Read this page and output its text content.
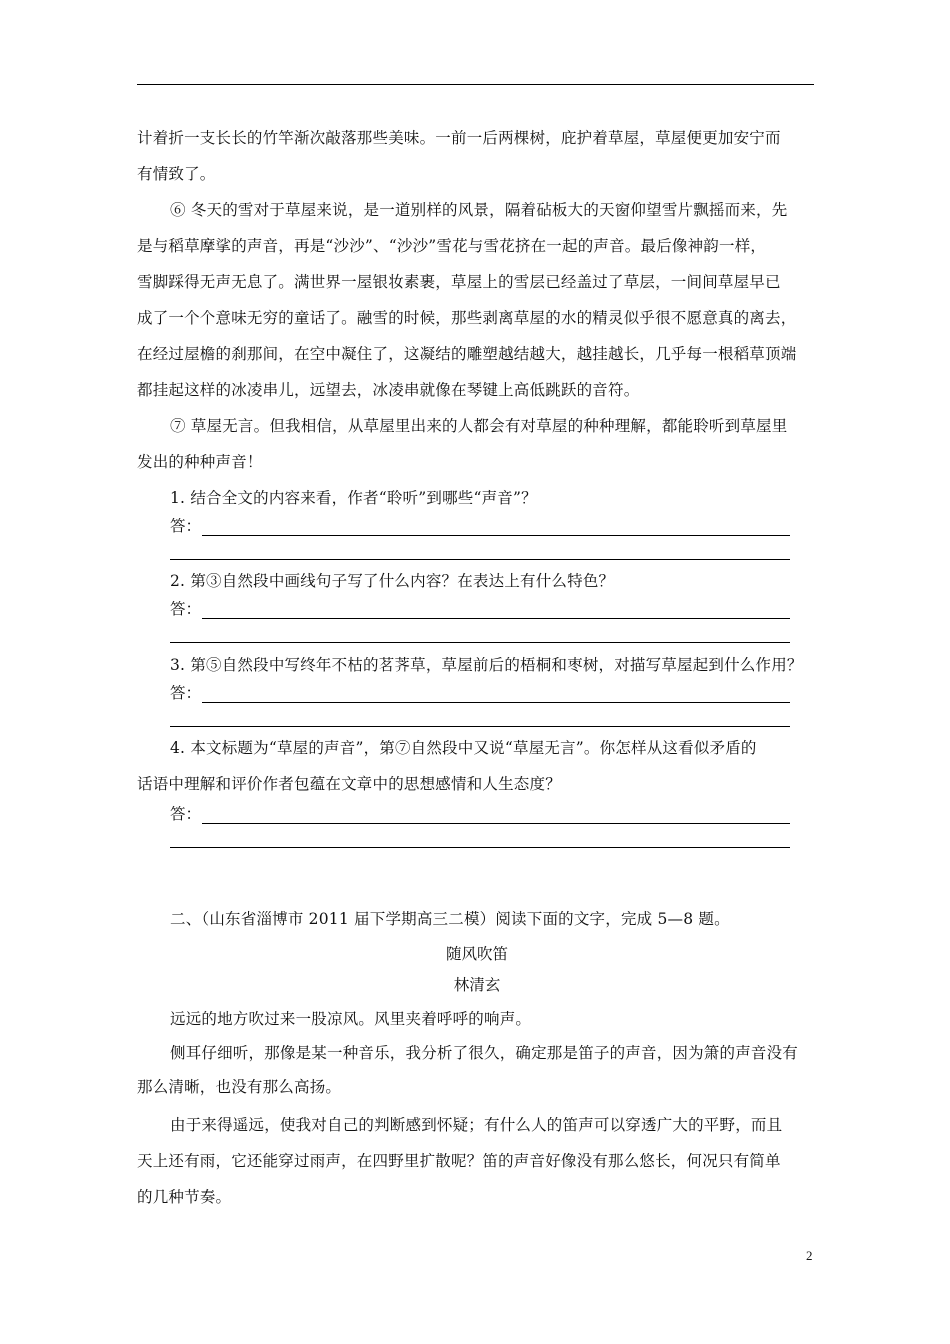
计着折一支长长的竹竿渐次敲落那些美味。一前一后两棵树，庇护着草屋，草屋便更加安宁而
有情致了。
⑥ 冬天的雪对于草屋来说，是一道别样的风景，隔着砧板大的天窗仰望雪片飘摇而来，先
是与稻草摩挲的声音，再是“沙沙”、“沙沙”雪花与雪花挤在一起的声音。最后像神韵一样，
雪脚踩得无声无息了。满世界一屋银妆素裹，草屋上的雪层已经盖过了草层，一间间草屋早已
成了一个个意味无穷的童话了。融雪的时候，那些剥离草屋的水的精灵似乎很不愿意真的离去，
在经过屋檐的刹那间，在空中凝住了，这凝结的雕塑越结越大，越挂越长，几乎每一根稻草顶端
都挂起这样的冰凌串儿，远望去，冰凌串就像在琴键上高低跳跃的音符。
⑦ 草屋无言。但我相信，从草屋里出来的人都会有对草屋的种种理解，都能聆听到草屋里
发出的种种声音！
1. 结合全文的内容来看，作者“聆听”到哪些“声音”？
答：
2. 第③自然段中画线句子写了什么内容？在表达上有什么特色？
答：
3. 第⑤自然段中写终年不枯的茗荠草，草屋前后的梧桐和枣树，对描写草屋起到什么作用？
答：
4. 本文标题为“草屋的声音”，第⑦自然段中又说“草屋无言”。你怎样从这看似矛盾的
话语中理解和评价作者包蕴在文章中的思想感情和人生态度？
答：
二、（山东省淄博市 2011 届下学期高三二模）阅读下面的文字，完成 5—8 题。
随风吹笛
林清玄
远远的地方吹过来一股凉风。风里夹着呼呼的响声。
侧耳仔细听，那像是某一种音乐，我分析了很久，确定那是笛子的声音，因为箫的声音没有
那么清晰，也没有那么高扬。
由于来得遥远，使我对自己的判断感到怀疑；有什么人的笛声可以穿透广大的平野，而且
天上还有雨，它还能穿过雨声，在四野里扩散呢？笛的声音好像没有那么悠长，何况只有简单
的几种节奏。
2
